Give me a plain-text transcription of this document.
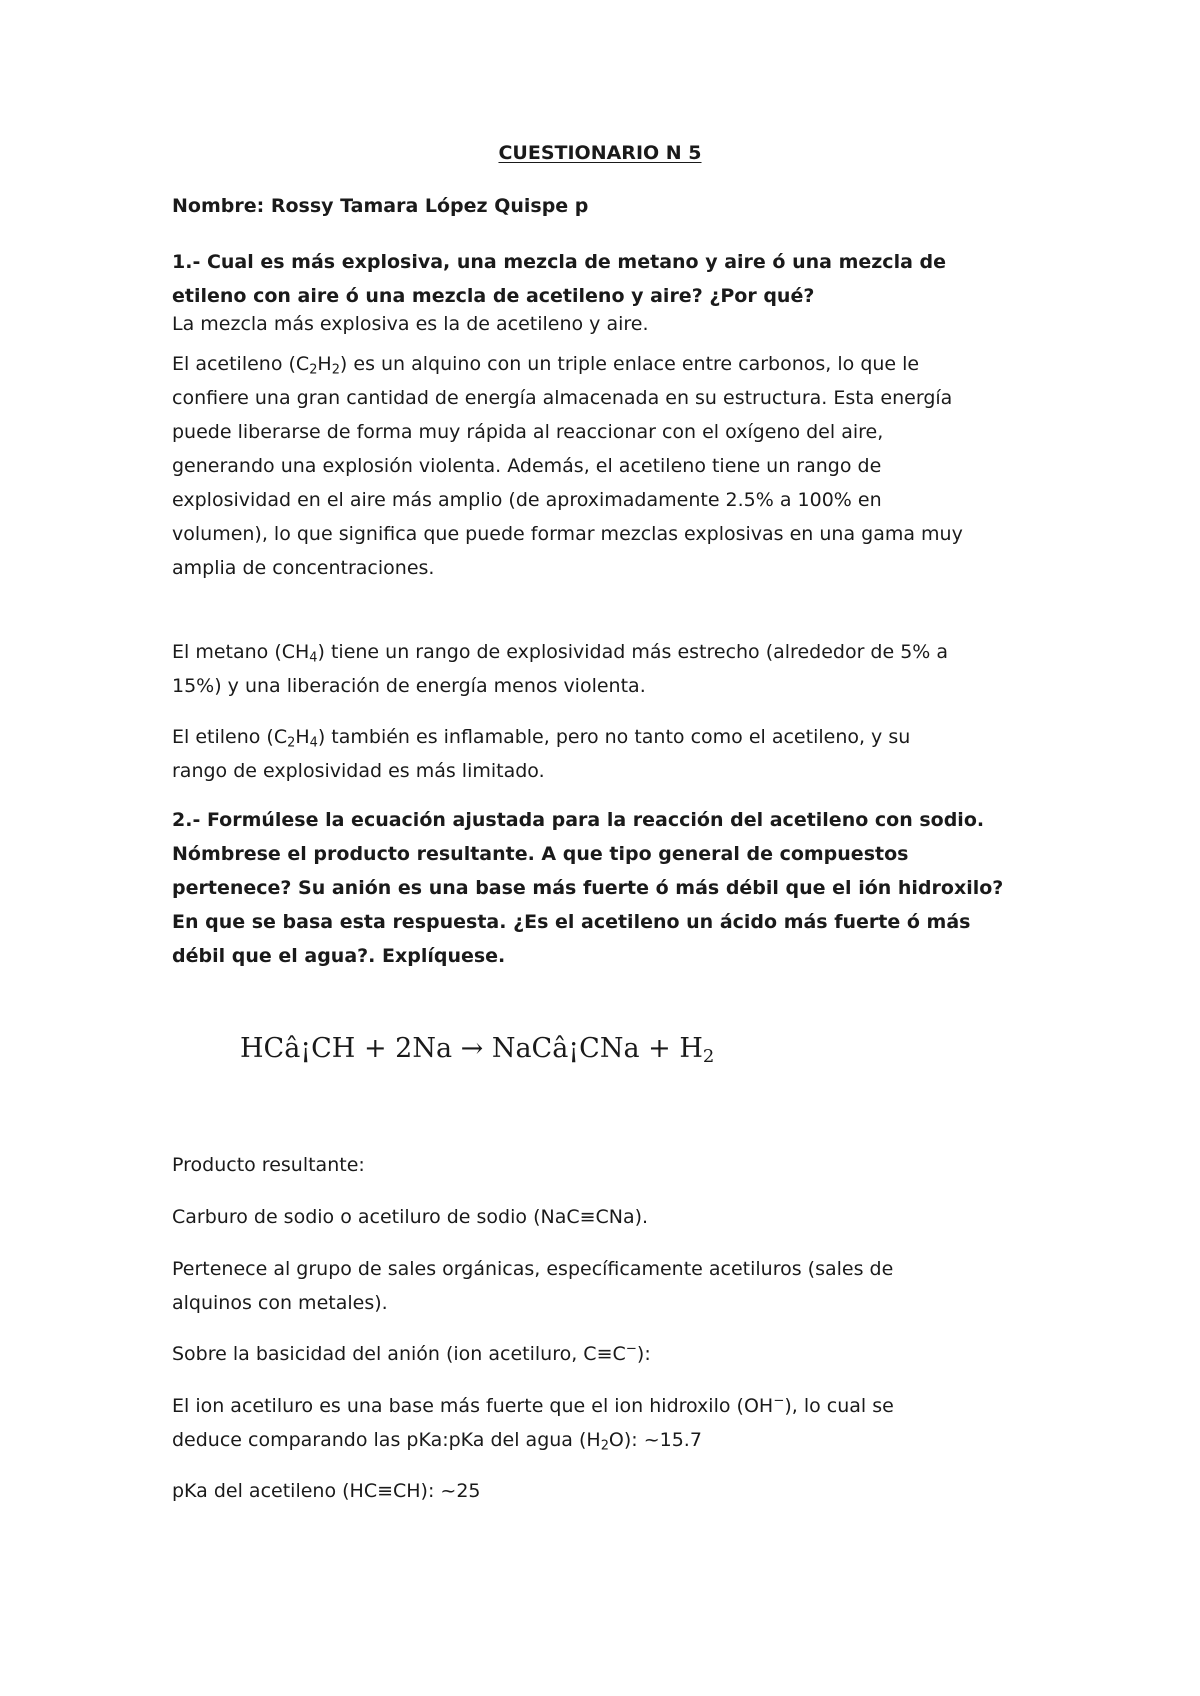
CUESTIONARIO N 5

Nombre: Rossy Tamara López Quispe p

1.- Cual es más explosiva, una mezcla de metano y aire ó una mezcla de
etileno con aire ó una mezcla de acetileno y aire? ¿Por qué?

La mezcla más explosiva es la de acetileno y aire.

El acetileno $(C_2H_2)$ es un alquino con un triple enlace entre carbonos, lo que le
confiere una gran cantidad de energía almacenada en su estructura. Esta energía
puede liberarse de forma muy rápida al reaccionar con el oxígeno del aire,
generando una explosión violenta. Además, el acetileno tiene un rango de
explosividad en el aire más amplio (de aproximadamente 2.5% a 100% en
volumen), lo que significa que puede formar mezclas explosivas en una gama muy
amplia de concentraciones.

El metano $(CH_4)$ tiene un rango de explosividad más estrecho (alrededor de 5% a
15%) y una liberación de energía menos violenta.

El etileno $(C_2H_4)$ también es inflamable, pero no tanto como el acetileno, y su
rango de explosividad es más limitado.

2.- Formúlese la ecuación ajustada para la reacción del acetileno con sodio.
Nómbrese el producto resultante. A que tipo general de compuestos
pertenece? Su anión es una base más fuerte ó más débil que el ión hidroxilo?
En que se basa esta respuesta. ¿Es el acetileno un ácido más fuerte ó más
débil que el agua?. Explíquese.

HCâ¡CH + 2Na → NaCâ¡CNa + $H_2$

Producto resultante:

Carburo de sodio o acetiluro de sodio (NaC≡CNa).

Pertenece al grupo de sales orgánicas, específicamente acetiluros (sales de
alquinos con metales).

Sobre la basicidad del anión (ion acetiluro, C≡C−):

El ion acetiluro es una base más fuerte que el ion hidroxilo (OH−), lo cual se
deduce comparando las pKa:pKa del agua $(H_2O)$: ~15.7

pKa del acetileno (HC≡CH): ~25
